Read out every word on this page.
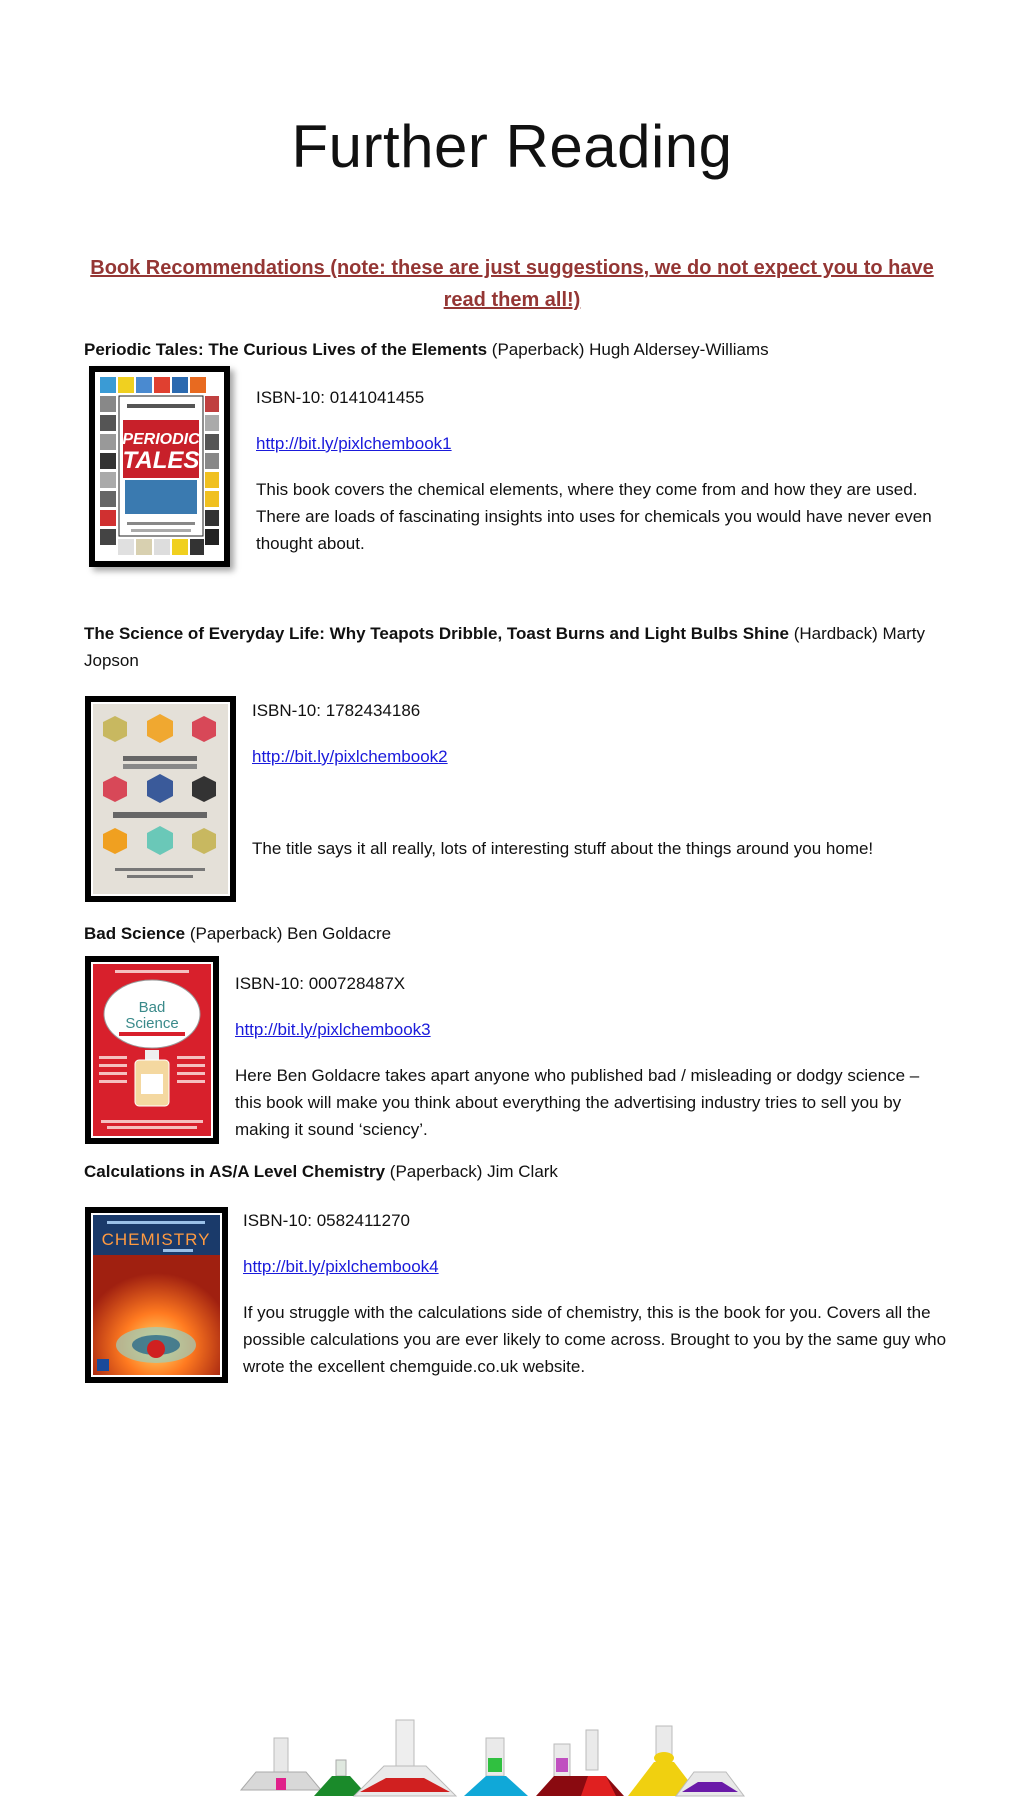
Further Reading
Book Recommendations (note: these are just suggestions, we do not expect you to have read them all!)
Periodic Tales: The Curious Lives of the Elements (Paperback) Hugh Aldersey-Williams
PERIODIC
TALES

ISBN-10: 0141041455

http://bit.ly/pixlchembook1

This book covers the chemical elements, where they come from and how they are used. There are loads of fascinating insights into uses for chemicals you would have never even thought about.

The Science of Everyday Life: Why Teapots Dribble, Toast Burns and Light Bulbs Shine (Hardback) Marty Jopson

ISBN-10: 1782434186

http://bit.ly/pixlchembook2

The title says it all really, lots of interesting stuff about the things around you home!

Bad Science (Paperback) Ben Goldacre
Bad
Science

ISBN-10: 000728487X

http://bit.ly/pixlchembook3

Here Ben Goldacre takes apart anyone who published bad / misleading or dodgy science – this book will make you think about everything the advertising industry tries to sell you by making it sound ‘sciency’.

Calculations in AS/A Level Chemistry (Paperback) Jim Clark
CHEMISTRY

ISBN-10: 0582411270

http://bit.ly/pixlchembook4

If you struggle with the calculations side of chemistry, this is the book for you. Covers all the possible calculations you are ever likely to come across. Brought to you by the same guy who wrote the excellent chemguide.co.uk website.
